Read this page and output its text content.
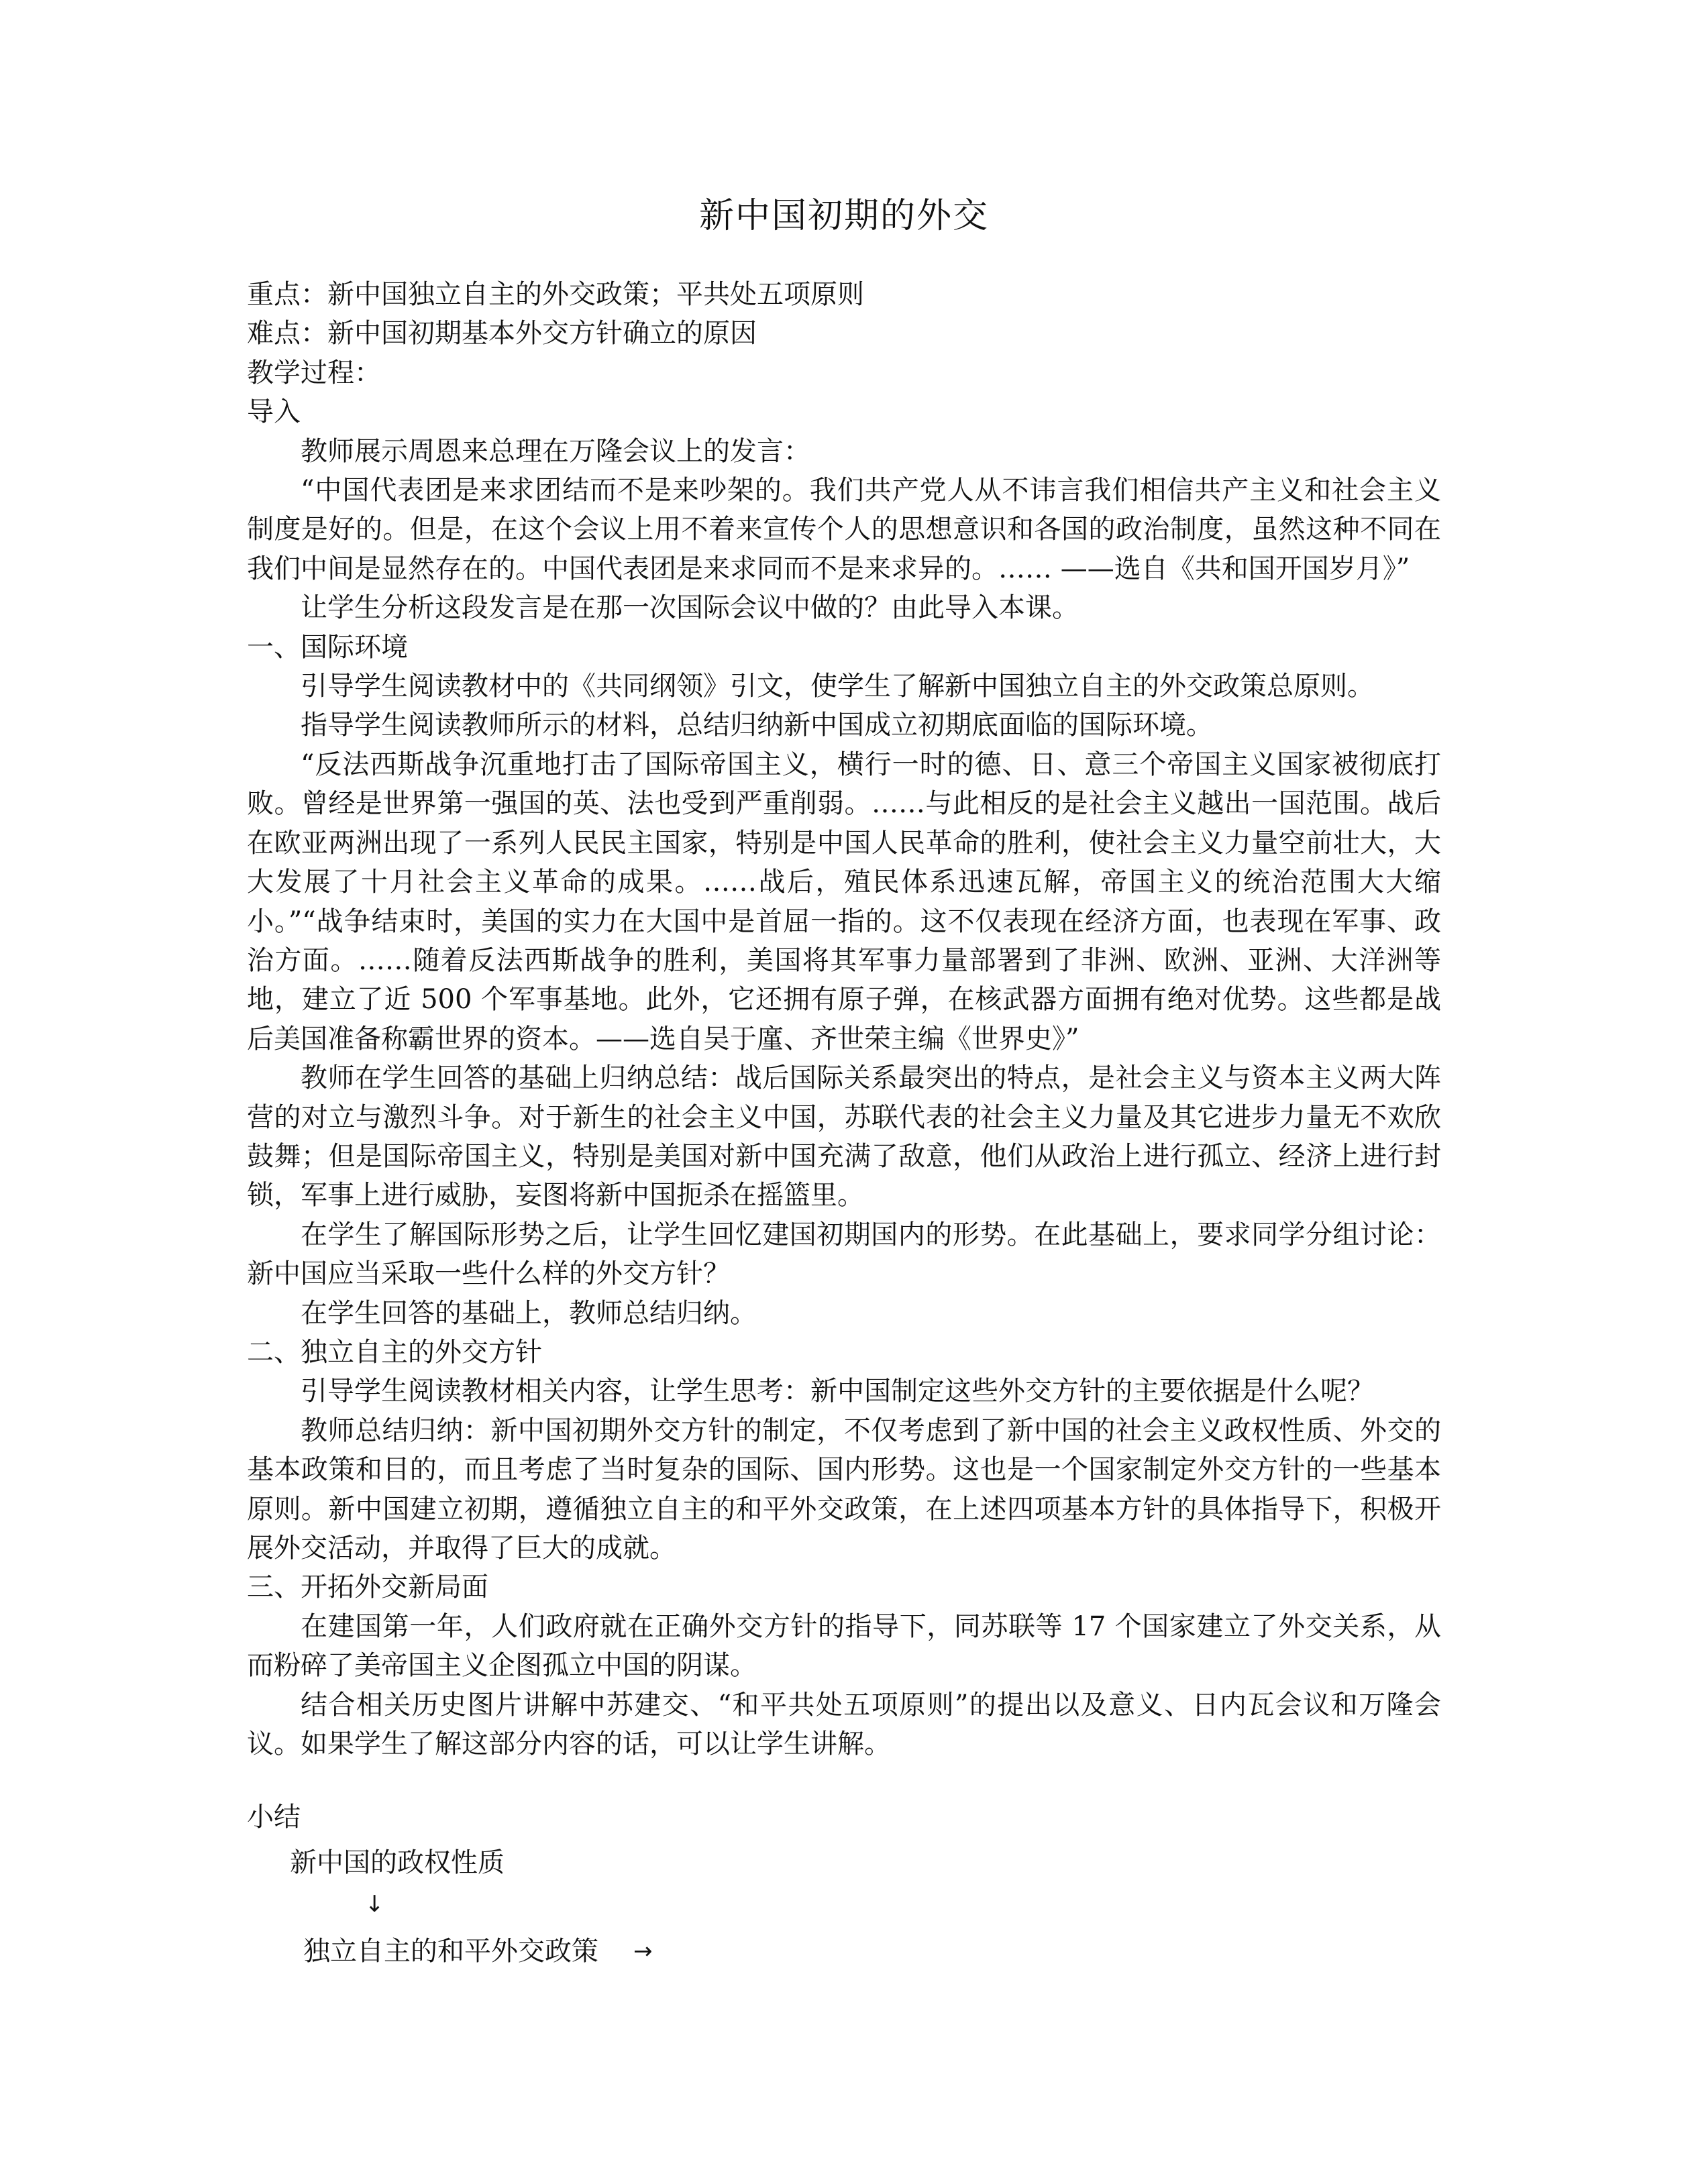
新中国初期的外交

重点：新中国独立自主的外交政策；平共处五项原则

难点：新中国初期基本外交方针确立的原因

教学过程：

导入

教师展示周恩来总理在万隆会议上的发言：

“中国代表团是来求团结而不是来吵架的。我们共产党人从不讳言我们相信共产主义和社会主义制度是好的。但是，在这个会议上用不着来宣传个人的思想意识和各国的政治制度，虽然这种不同在我们中间是显然存在的。中国代表团是来求同而不是来求异的。…… ——选自《共和国开国岁月》”

让学生分析这段发言是在那一次国际会议中做的？由此导入本课。

一、国际环境

引导学生阅读教材中的《共同纲领》引文，使学生了解新中国独立自主的外交政策总原则。

指导学生阅读教师所示的材料，总结归纳新中国成立初期底面临的国际环境。

“反法西斯战争沉重地打击了国际帝国主义，横行一时的德、日、意三个帝国主义国家被彻底打败。曾经是世界第一强国的英、法也受到严重削弱。……与此相反的是社会主义越出一国范围。战后在欧亚两洲出现了一系列人民民主国家，特别是中国人民革命的胜利，使社会主义力量空前壮大，大大发展了十月社会主义革命的成果。……战后，殖民体系迅速瓦解，帝国主义的统治范围大大缩小。”“战争结束时，美国的实力在大国中是首屈一指的。这不仅表现在经济方面，也表现在军事、政治方面。……随着反法西斯战争的胜利，美国将其军事力量部署到了非洲、欧洲、亚洲、大洋洲等地，建立了近 500 个军事基地。此外，它还拥有原子弹，在核武器方面拥有绝对优势。这些都是战后美国准备称霸世界的资本。——选自吴于廑、齐世荣主编《世界史》”

教师在学生回答的基础上归纳总结：战后国际关系最突出的特点，是社会主义与资本主义两大阵营的对立与激烈斗争。对于新生的社会主义中国，苏联代表的社会主义力量及其它进步力量无不欢欣鼓舞；但是国际帝国主义，特别是美国对新中国充满了敌意，他们从政治上进行孤立、经济上进行封锁，军事上进行威胁，妄图将新中国扼杀在摇篮里。

在学生了解国际形势之后，让学生回忆建国初期国内的形势。在此基础上，要求同学分组讨论：新中国应当采取一些什么样的外交方针？

在学生回答的基础上，教师总结归纳。

二、独立自主的外交方针

引导学生阅读教材相关内容，让学生思考：新中国制定这些外交方针的主要依据是什么呢？

教师总结归纳：新中国初期外交方针的制定，不仅考虑到了新中国的社会主义政权性质、外交的基本政策和目的，而且考虑了当时复杂的国际、国内形势。这也是一个国家制定外交方针的一些基本原则。新中国建立初期，遵循独立自主的和平外交政策，在上述四项基本方针的具体指导下，积极开展外交活动，并取得了巨大的成就。

三、开拓外交新局面

在建国第一年，人们政府就在正确外交方针的指导下，同苏联等 17 个国家建立了外交关系，从而粉碎了美帝国主义企图孤立中国的阴谋。

结合相关历史图片讲解中苏建交、“和平共处五项原则”的提出以及意义、日内瓦会议和万隆会议。如果学生了解这部分内容的话，可以让学生讲解。

小结
新中国的政权性质
↓
独立自主的和平外交政策 →
